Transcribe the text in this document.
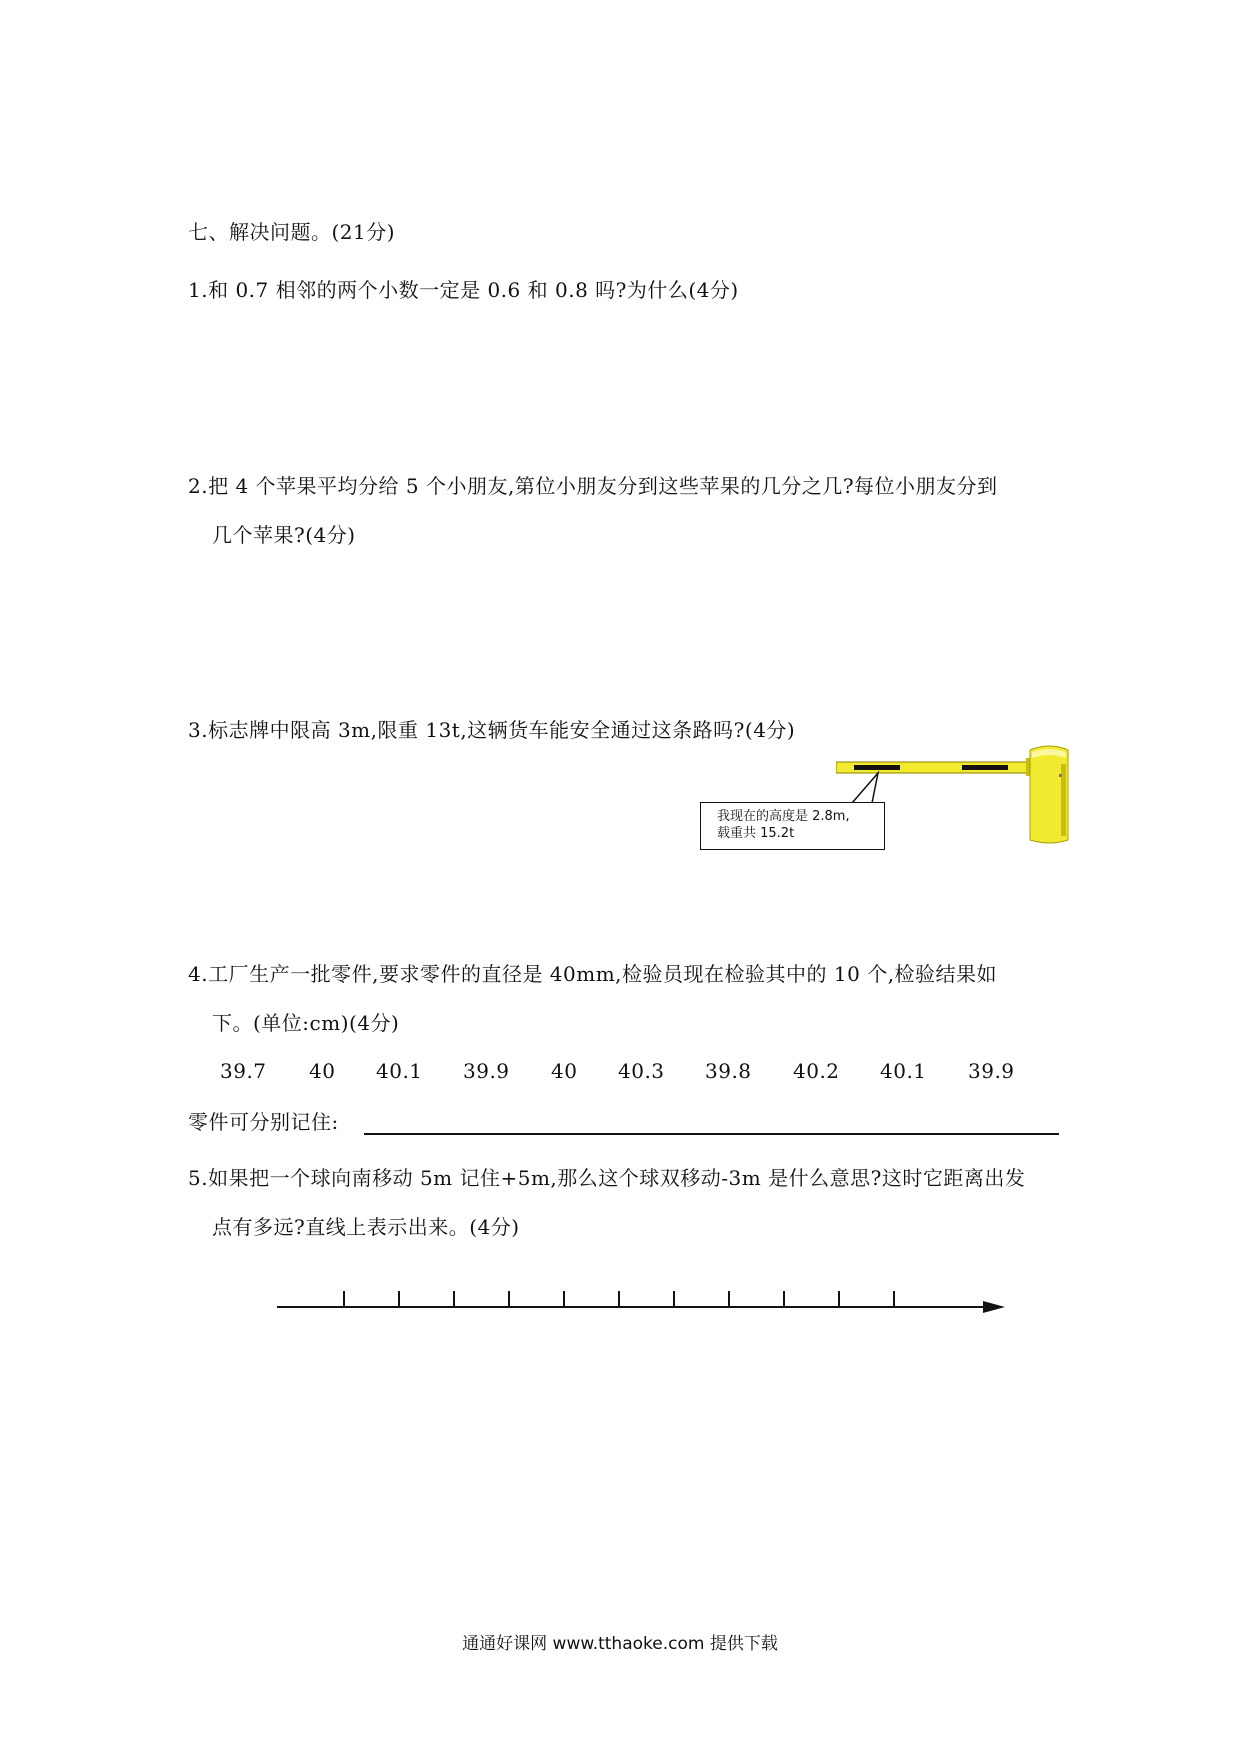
七、解决问题。(21分)
1.和 0.7 相邻的两个小数一定是 0.6 和 0.8 吗?为什么(4分)
2.把 4 个苹果平均分给 5 个小朋友,第位小朋友分到这些苹果的几分之几?每位小朋友分到
几个苹果?(4分)
3.标志牌中限高 3m,限重 13t,这辆货车能安全通过这条路吗?(4分)
我现在的高度是 2.8m,
载重共 15.2t
4.工厂生产一批零件,要求零件的直径是 40mm,检验员现在检验其中的 10 个,检验结果如
下。(单位:cm)(4分)
39.7 40 40.1 39.9 40 40.3 39.8 40.2 40.1 39.9
零件可分别记住:
5.如果把一个球向南移动 5m 记住+5m,那么这个球双移动-3m 是什么意思?这时它距离出发
点有多远?直线上表示出来。(4分)
通通好课网 www.tthaoke.com 提供下载
